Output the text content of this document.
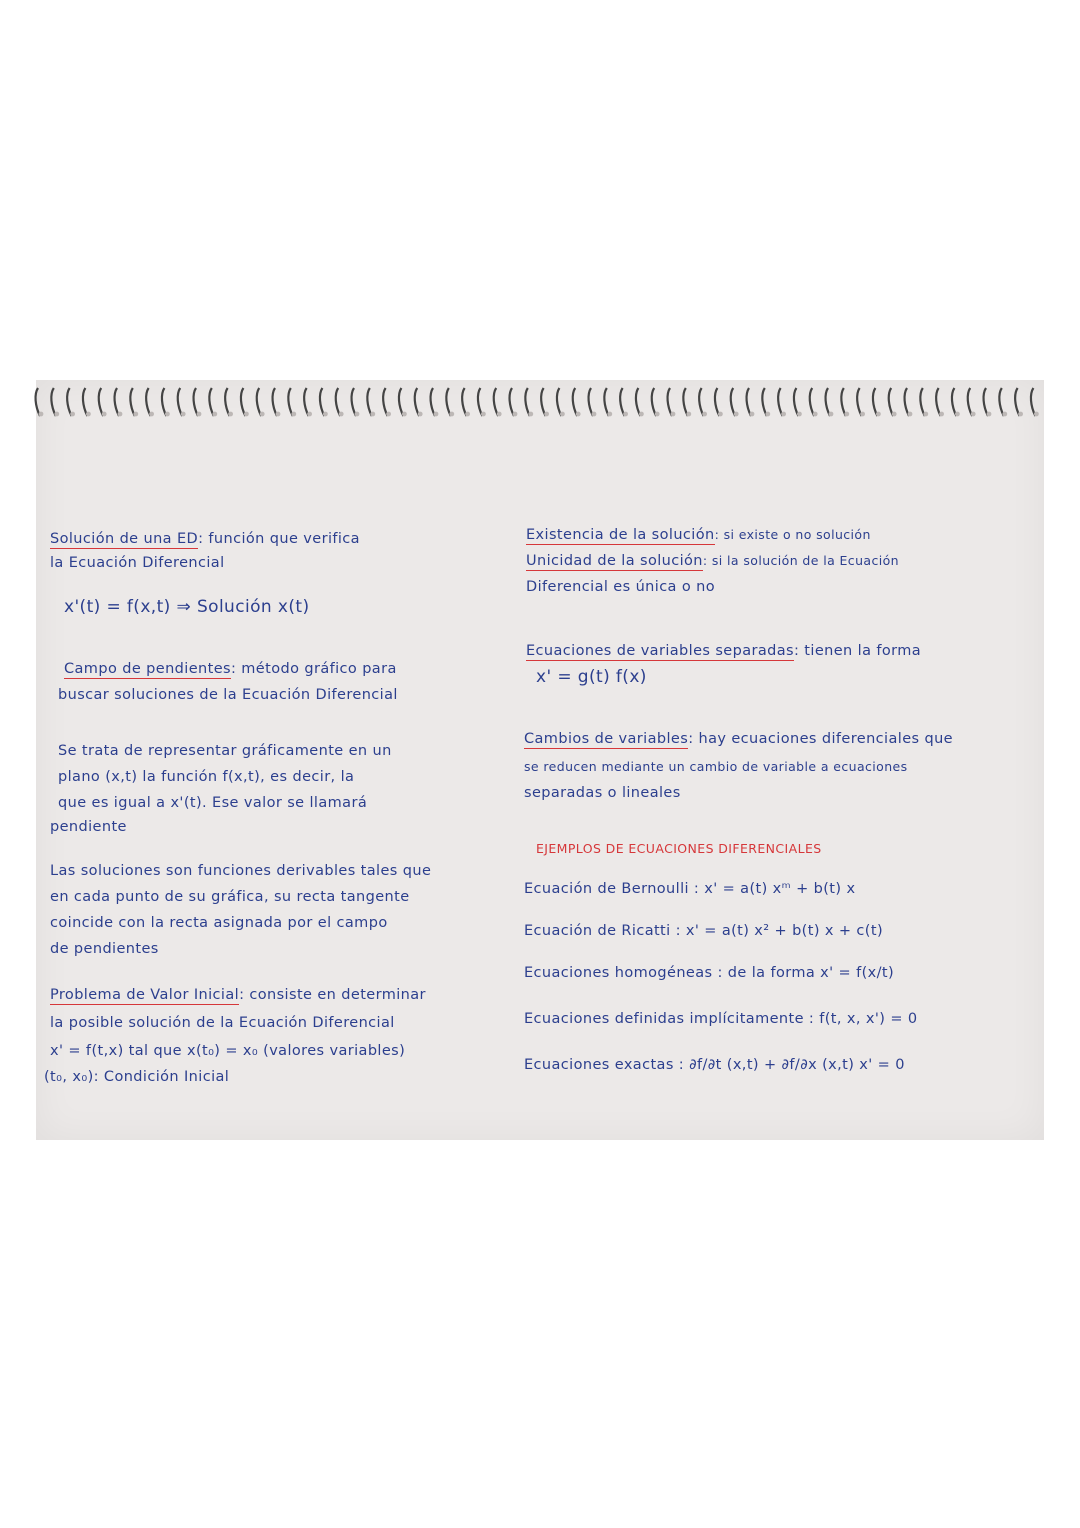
Solución de una ED: función que verifica
la Ecuación Diferencial
x'(t) = f(x,t) ⇒ Solución x(t)
Campo de pendientes: método gráfico para
buscar soluciones de la Ecuación Diferencial
Se trata de representar gráficamente en un
plano (x,t) la función f(x,t), es decir, la
que es igual a x'(t). Ese valor se llamará
pendiente
Las soluciones son funciones derivables tales que
en cada punto de su gráfica, su recta tangente
coincide con la recta asignada por el campo
de pendientes
Problema de Valor Inicial: consiste en determinar
la posible solución de la Ecuación Diferencial
x' = f(t,x) tal que x(t₀) = x₀ (valores variables)
(t₀, x₀): Condición Inicial
Existencia de la solución: si existe o no solución
Unicidad de la solución: si la solución de la Ecuación
Diferencial es única o no
Ecuaciones de variables separadas: tienen la forma
x' = g(t) f(x)
Cambios de variables: hay ecuaciones diferenciales que
se reducen mediante un cambio de variable a ecuaciones
separadas o lineales
EJEMPLOS DE ECUACIONES DIFERENCIALES
Ecuación de Bernoulli : x' = a(t) xᵐ + b(t) x
Ecuación de Ricatti : x' = a(t) x² + b(t) x + c(t)
Ecuaciones homogéneas : de la forma x' = f(x/t)
Ecuaciones definidas implícitamente : f(t, x, x') = 0
Ecuaciones exactas : ∂f/∂t (x,t) + ∂f/∂x (x,t) x' = 0
